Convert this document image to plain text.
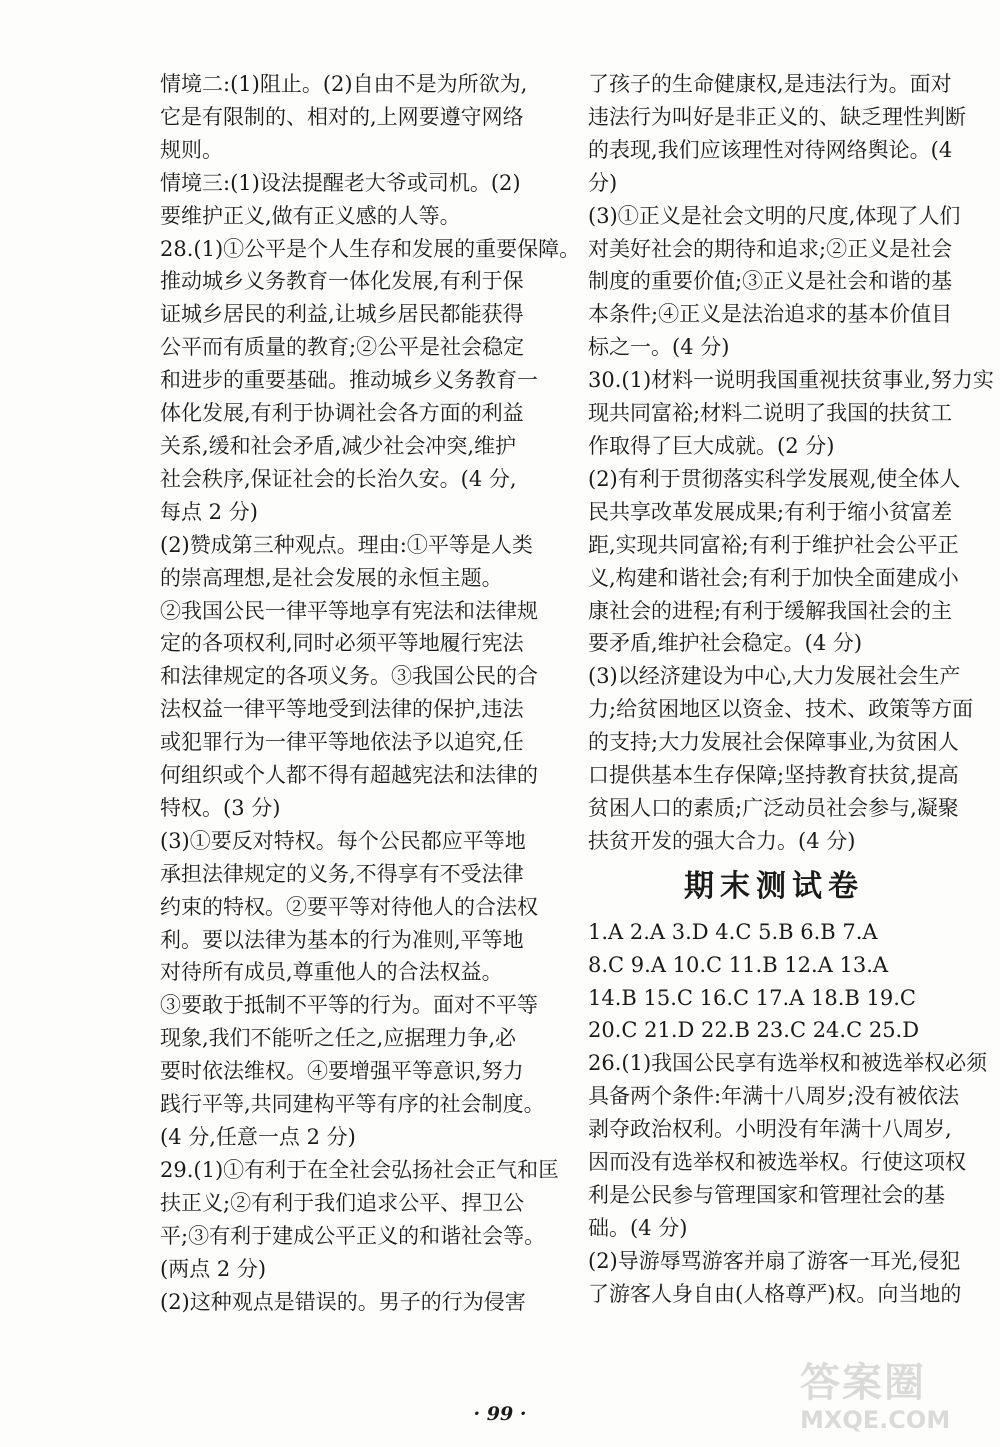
情境二:(1)阻止。(2)自由不是为所欲为,

它是有限制的、相对的,上网要遵守网络

规则。

情境三:(1)设法提醒老大爷或司机。(2)

要维护正义,做有正义感的人等。

28.(1)①公平是个人生存和发展的重要保障。

推动城乡义务教育一体化发展,有利于保

证城乡居民的利益,让城乡居民都能获得

公平而有质量的教育;②公平是社会稳定

和进步的重要基础。推动城乡义务教育一

体化发展,有利于协调社会各方面的利益

关系,缓和社会矛盾,减少社会冲突,维护

社会秩序,保证社会的长治久安。(4 分,

每点 2 分)

(2)赞成第三种观点。理由:①平等是人类

的崇高理想,是社会发展的永恒主题。

②我国公民一律平等地享有宪法和法律规

定的各项权利,同时必须平等地履行宪法

和法律规定的各项义务。③我国公民的合

法权益一律平等地受到法律的保护,违法

或犯罪行为一律平等地依法予以追究,任

何组织或个人都不得有超越宪法和法律的

特权。(3 分)

(3)①要反对特权。每个公民都应平等地

承担法律规定的义务,不得享有不受法律

约束的特权。②要平等对待他人的合法权

利。要以法律为基本的行为准则,平等地

对待所有成员,尊重他人的合法权益。

③要敢于抵制不平等的行为。面对不平等

现象,我们不能听之任之,应据理力争,必

要时依法维权。④要增强平等意识,努力

践行平等,共同建构平等有序的社会制度。

(4 分,任意一点 2 分)

29.(1)①有利于在全社会弘扬社会正气和匡

扶正义;②有利于我们追求公平、捍卫公

平;③有利于建成公平正义的和谐社会等。

(两点 2 分)

(2)这种观点是错误的。男子的行为侵害

了孩子的生命健康权,是违法行为。面对

违法行为叫好是非正义的、缺乏理性判断

的表现,我们应该理性对待网络舆论。(4

分)

(3)①正义是社会文明的尺度,体现了人们

对美好社会的期待和追求;②正义是社会

制度的重要价值;③正义是社会和谐的基

本条件;④正义是法治追求的基本价值目

标之一。(4 分)

30.(1)材料一说明我国重视扶贫事业,努力实

现共同富裕;材料二说明了我国的扶贫工

作取得了巨大成就。(2 分)

(2)有利于贯彻落实科学发展观,使全体人

民共享改革发展成果;有利于缩小贫富差

距,实现共同富裕;有利于维护社会公平正

义,构建和谐社会;有利于加快全面建成小

康社会的进程;有利于缓解我国社会的主

要矛盾,维护社会稳定。(4 分)

(3)以经济建设为中心,大力发展社会生产

力;给贫困地区以资金、技术、政策等方面

的支持;大力发展社会保障事业,为贫困人

口提供基本生存保障;坚持教育扶贫,提高

贫困人口的素质;广泛动员社会参与,凝聚

扶贫开发的强大合力。(4 分)

期末测试卷

1.A 2.A 3.D 4.C 5.B 6.B 7.A

8.C 9.A 10.C 11.B 12.A 13.A

14.B 15.C 16.C 17.A 18.B 19.C

20.C 21.D 22.B 23.C 24.C 25.D

26.(1)我国公民享有选举权和被选举权必须

具备两个条件:年满十八周岁;没有被依法

剥夺政治权利。小明没有年满十八周岁,

因而没有选举权和被选举权。行使这项权

利是公民参与管理国家和管理社会的基

础。(4 分)

(2)导游辱骂游客并扇了游客一耳光,侵犯

了游客人身自由(人格尊严)权。向当地的

· 99 ·
答案圈
MXQE.COM
